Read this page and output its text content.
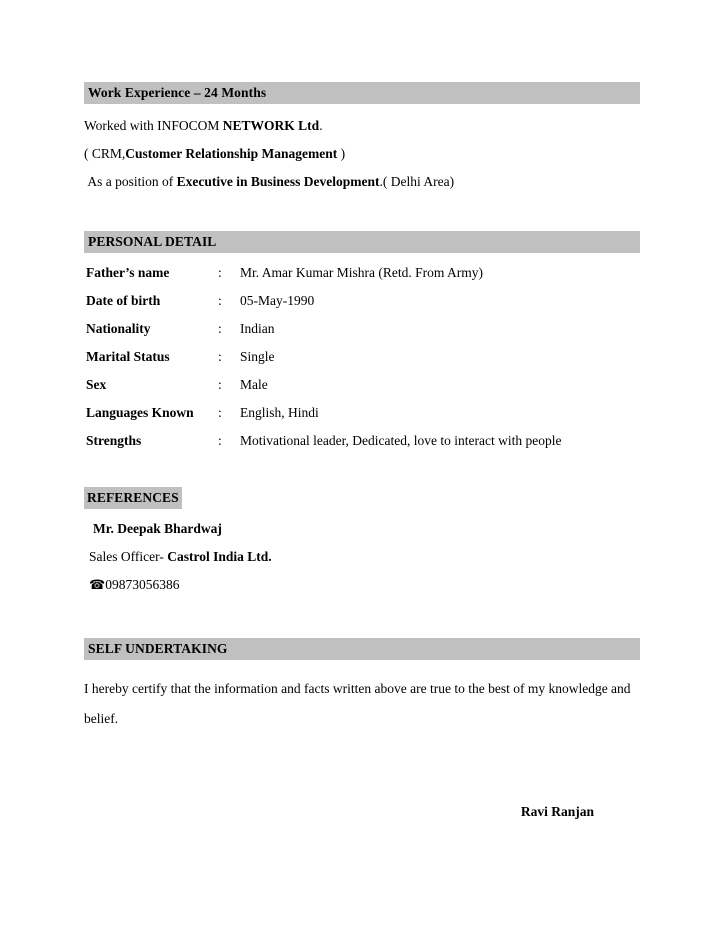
Work Experience – 24 Months

Worked with INFOCOM NETWORK Ltd.

( CRM,Customer Relationship Management )

As a position of Executive in Business Development.( Delhi Area)

PERSONAL DETAIL
Father’s name	:	Mr. Amar Kumar Mishra (Retd. From Army)
Date of birth	:	05-May-1990
Nationality	:	Indian
Marital Status	:	Single
Sex	:	Male
Languages Known	:	English, Hindi
Strengths	:	Motivational leader, Dedicated, love to interact with people
REFERENCES

Mr. Deepak Bhardwaj

Sales Officer- Castrol India Ltd.

☎09873056386

SELF UNDERTAKING

I hereby certify that the information and facts written above are true to the best of my knowledge and belief.

Ravi Ranjan
